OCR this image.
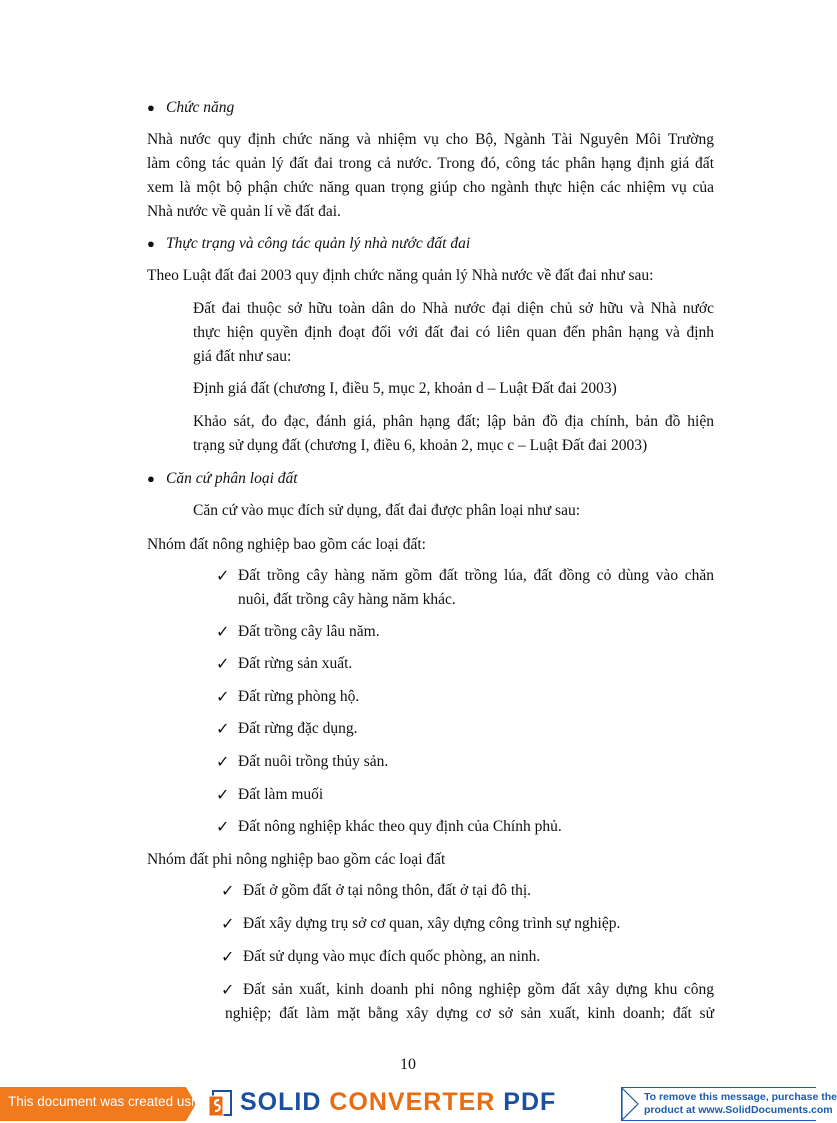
● Chức năng
Nhà nước quy định chức năng và nhiệm vụ cho Bộ, Ngành Tài Nguyên Môi Trường
làm công tác quản lý đất đai trong cả nước. Trong đó, công tác phân hạng định giá đất
xem là một bộ phận chức năng quan trọng giúp cho ngành thực hiện các nhiệm vụ của
Nhà nước về quản lí về đất đai.
● Thực trạng và công tác quản lý nhà nước đất đai
Theo Luật đất đai 2003 quy định chức năng quản lý Nhà nước về đất đai như sau:
Đất đai thuộc sở hữu toàn dân do Nhà nước đại diện chủ sở hữu và Nhà nước
thực hiện quyền định đoạt đối với đất đai có liên quan đến phân hạng và định
giá đất như sau:
Định giá đất (chương I, điều 5, mục 2, khoản d – Luật Đất đai 2003)
Khảo sát, đo đạc, đánh giá, phân hạng đất; lập bản đồ địa chính, bản đồ hiện
trạng sử dụng đất (chương I, điều 6, khoản 2, mục c – Luật Đất đai 2003)
● Căn cứ phân loại đất
Căn cứ vào mục đích sử dụng, đất đai được phân loại như sau:
Nhóm đất nông nghiệp bao gồm các loại đất:
✓ Đất trồng cây hàng năm gồm đất trồng lúa, đất đồng cỏ dùng vào chăn
nuôi, đất trồng cây hàng năm khác.
✓ Đất trồng cây lâu năm.
✓ Đất rừng sản xuất.
✓ Đất rừng phòng hộ.
✓ Đất rừng đặc dụng.
✓ Đất nuôi trồng thủy sản.
✓ Đất làm muối
✓ Đất nông nghiệp khác theo quy định của Chính phủ.
Nhóm đất phi nông nghiệp bao gồm các loại đất
✓ Đất ở gồm đất ở tại nông thôn, đất ở tại đô thị.
✓ Đất xây dựng trụ sở cơ quan, xây dựng công trình sự nghiệp.
✓ Đất sử dụng vào mục đích quốc phòng, an ninh.
✓ Đất sản xuất, kinh doanh phi nông nghiệp gồm đất xây dựng khu công
nghiệp; đất làm mặt bằng xây dựng cơ sở sản xuất, kinh doanh; đất sử
10
This document was created using SOLID CONVERTER PDF	To remove this message, purchase the
product at www.SolidDocuments.com
